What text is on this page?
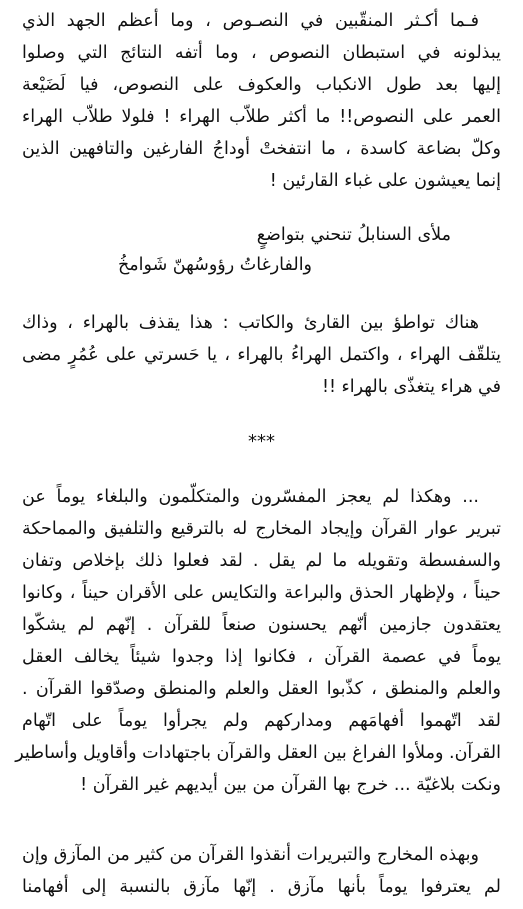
فـما أكـثر المنقّبين في النصـوص ، وما أعظم الجهد الذي
يبذلونه في استبطان النصوص ، وما أتفه النتائج التي وصلوا
إليها بعد طول الانكباب والعكوف على النصوص، فيا لَضَيْعة
العمر على النصوص!! ما أكثر طلاّب الهراء ! فلولا طلاّب الهراء
وكلّ بضاعة كاسدة ، ما انتفختْ أوداجُ الفارغين والتافهين الذين
إنما يعيشون على غباء القارئين !
ملأى السنابلُ تنحني بتواضعٍ
والفارغاتُ رؤوسُهنّ شَوامخُ
هناك تواطؤ بين القارئ والكاتب : هذا يقذف بالهراء ، وذاك
يتلقّف الهراء ، واكتمل الهراءُ بالهراء ، يا حَسرتي على عُمُرٍ مضى
في هراء يتغذّى بالهراء !!
***
... وهكذا لم يعجز المفسّرون والمتكلّمون والبلغاء يوماً عن
تبرير عوار القرآن وإيجاد المخارج له بالترقيع والتلفيق والمماحكة
والسفسطة وتقويله ما لم يقل . لقد فعلوا ذلك بإخلاص وتفان
حيناً ، ولإظهار الحذق والبراعة والتكايس على الأقران حيناً ، وكانوا
يعتقدون جازمين أنّهم يحسنون صنعاً للقرآن . إنّهم لم يشكّوا
يوماً في عصمة القرآن ، فكانوا إذا وجدوا شيئاً يخالف العقل
والعلم والمنطق ، كذّبوا العقل والعلم والمنطق وصدّقوا القرآن .
لقد اتّهموا أفهامَهم ومداركهم ولم يجرأوا يوماً على اتّهام
القرآن. وملأوا الفراغ بين العقل والقرآن باجتهادات وأقاويل وأساطير
ونكت بلاغيّة ... خرج بها القرآن من بين أيديهم غير القرآن !
وبهذه المخارج والتبريرات أنقذوا القرآن من كثير من المآزق وإن
لم يعترفوا يوماً بأنها مآزق . إنّها مآزق بالنسبة إلى أفهامنا
